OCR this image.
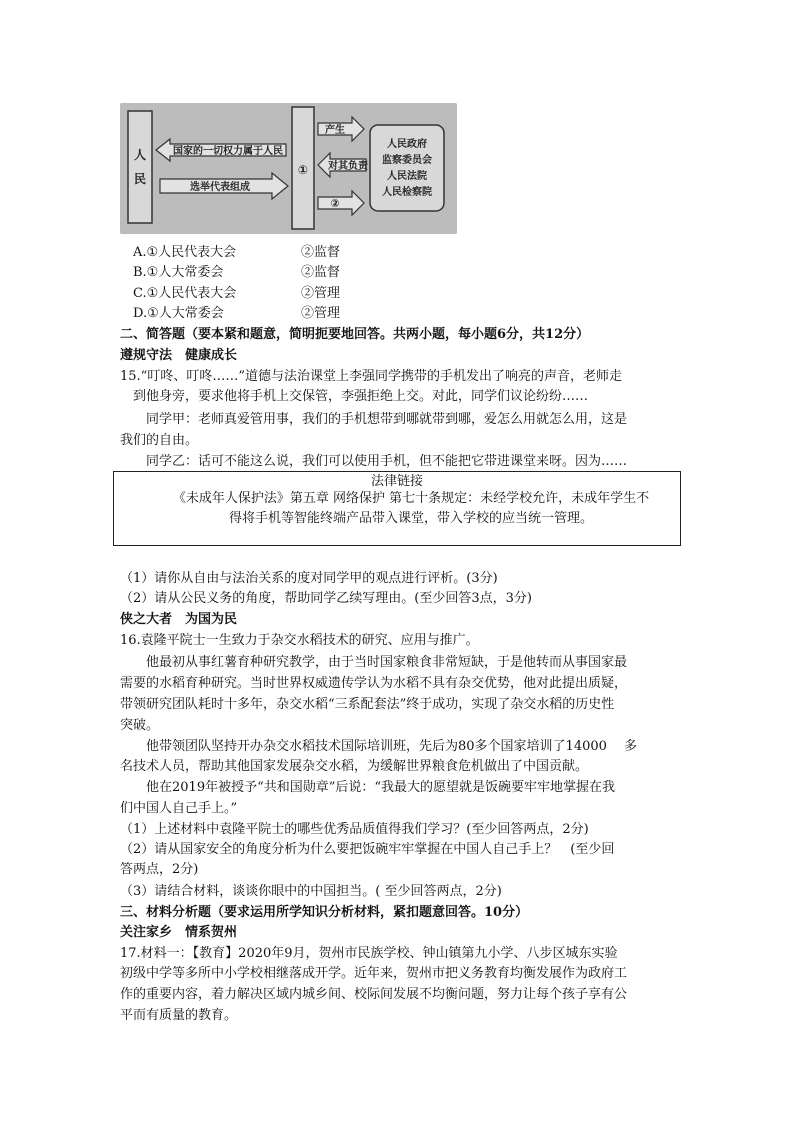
人
民
国家的一切权力属于人民
选举代表组成
①
产生
对其负责
②
人民政府
监察委员会
人民法院
人民检察院
A.①人民代表大会	②监督
B.①人大常委会	②监督
C.①人民代表大会	②管理
D.①人大常委会	②管理
二、简答题（要本紧和题意，简明扼要地回答。共两小题，每小题6分，共12分）
遵规守法　健康成长
15.“叮咚、叮咚……”道德与法治课堂上李强同学携带的手机发出了响亮的声音，老师走
到他身旁，要求他将手机上交保管，李强拒绝上交。对此，同学们议论纷纷……
同学甲：老师真爱管用事，我们的手机想带到哪就带到哪，爱怎么用就怎么用，这是
我们的自由。
同学乙：话可不能这么说，我们可以使用手机，但不能把它带进课堂来呀。因为……
法律链接
《未成年人保护法》第五章 网络保护 第七十条规定：未经学校允许，未成年学生不
得将手机等智能终端产品带入课堂，带入学校的应当统一管理。
（1）请你从自由与法治关系的度对同学甲的观点进行评析。(3分)
（2）请从公民义务的角度，帮助同学乙续写理由。(至少回答3点，3分)
侠之大者　为国为民
16.袁隆平院士一生致力于杂交水稻技术的研究、应用与推广。
他最初从事红薯育种研究教学，由于当时国家粮食非常短缺，于是他转而从事国家最
需要的水稻育种研究。当时世界权威遗传学认为水稻不具有杂交优势，他对此提出质疑，
带领研究团队耗时十多年，杂交水稻“三系配套法”终于成功，实现了杂交水稻的历史性
突破。
他带领团队坚持开办杂交水稻技术国际培训班，先后为80多个国家培训了14000　 多
名技术人员，帮助其他国家发展杂交水稻，为缓解世界粮食危机做出了中国贡献。
他在2019年被授予“共和国勋章”后说：“我最大的愿望就是饭碗要牢牢地掌握在我
们中国人自己手上。”
（1）上述材料中袁隆平院士的哪些优秀品质值得我们学习？(至少回答两点，2分)
（2）请从国家安全的角度分析为什么要把饭碗牢牢掌握在中国人自己手上？　(至少回
答两点，2分)
（3）请结合材料，谈谈你眼中的中国担当。( 至少回答两点，2分)
三、材料分析题（要求运用所学知识分析材料，紧扣题意回答。10分）
关注家乡　情系贺州
17.材料一：【教育】2020年9月，贺州市民族学校、钟山镇第九小学、八步区城东实验
初级中学等多所中小学校相继落成开学。近年来，贺州市把义务教育均衡发展作为政府工
作的重要内容，着力解决区域内城乡间、校际间发展不均衡问题，努力让每个孩子享有公
平而有质量的教育。
